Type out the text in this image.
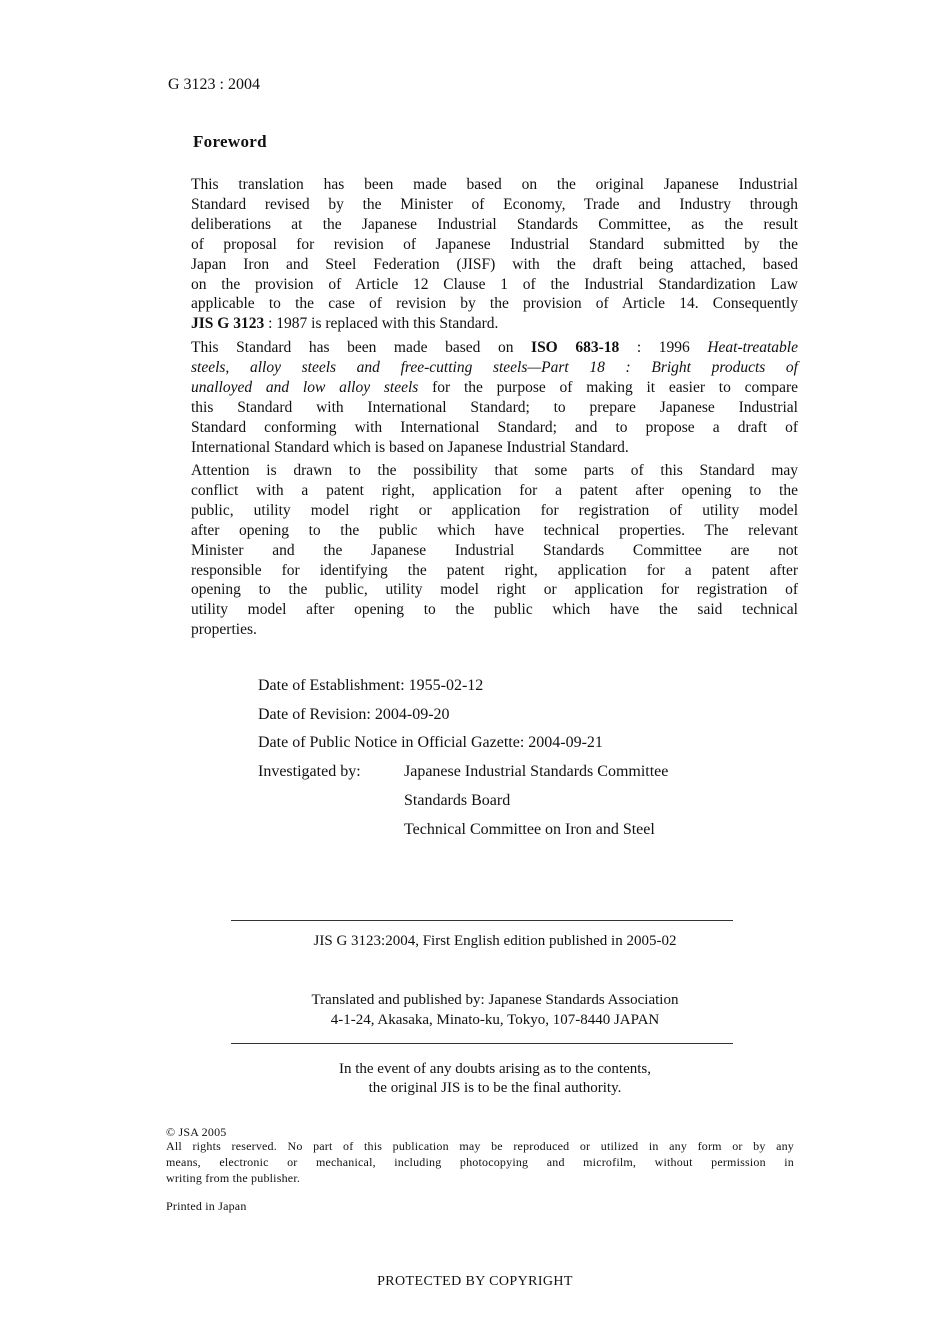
G 3123 : 2004
Foreword
This translation has been made based on the original Japanese Industrial
Standard revised by the Minister of Economy, Trade and Industry through
deliberations at the Japanese Industrial Standards Committee, as the result
of proposal for revision of Japanese Industrial Standard submitted by the
Japan Iron and Steel Federation (JISF) with the draft being attached, based
on the provision of Article 12 Clause 1 of the Industrial Standardization Law
applicable to the case of revision by the provision of Article 14. Consequently
JIS G 3123 : 1987 is replaced with this Standard.
This Standard has been made based on ISO 683-18 : 1996 Heat-treatable
steels, alloy steels and free-cutting steels—Part 18 : Bright products of
unalloyed and low alloy steels for the purpose of making it easier to compare
this Standard with International Standard; to prepare Japanese Industrial
Standard conforming with International Standard; and to propose a draft of
International Standard which is based on Japanese Industrial Standard.
Attention is drawn to the possibility that some parts of this Standard may
conflict with a patent right, application for a patent after opening to the
public, utility model right or application for registration of utility model
after opening to the public which have technical properties. The relevant
Minister and the Japanese Industrial Standards Committee are not
responsible for identifying the patent right, application for a patent after
opening to the public, utility model right or application for registration of
utility model after opening to the public which have the said technical
properties.
Date of Establishment: 1955-02-12
Date of Revision: 2004-09-20
Date of Public Notice in Official Gazette: 2004-09-21
Investigated by:	Japanese Industrial Standards Committee
Standards Board
Technical Committee on Iron and Steel
JIS G 3123:2004, First English edition published in 2005-02
Translated and published by: Japanese Standards Association
4-1-24, Akasaka, Minato-ku, Tokyo, 107-8440 JAPAN
In the event of any doubts arising as to the contents,
the original JIS is to be the final authority.
© JSA 2005
All rights reserved. No part of this publication may be reproduced or utilized in any form or by any
means, electronic or mechanical, including photocopying and microfilm, without permission in
writing from the publisher.
Printed in Japan
PROTECTED BY COPYRIGHT
